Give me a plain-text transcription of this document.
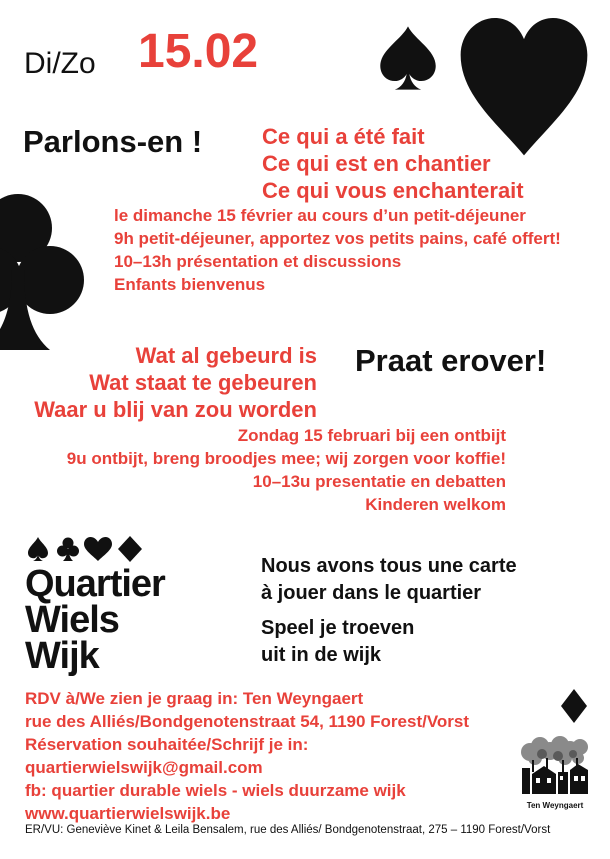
Di/Zo 15.02
Parlons-en !	Ce qui a été fait
Ce qui est en chantier
Ce qui vous enchanterait
le dimanche 15 février au cours d’un petit-déjeuner
9h petit-déjeuner, apportez vos petits pains, café offert!
10–13h présentation et discussions
Enfants bienvenus
Wat al gebeurd is
Wat staat te gebeuren
Waar u blij van zou worden
Praat erover!
Zondag 15 februari bij een ontbijt
9u ontbijt, breng broodjes mee; wij zorgen voor koffie!
10–13u presentatie en debatten
Kinderen welkom
Quartier
Wiels
Wijk
Nous avons tous une carte
à jouer dans le quartier
Speel je troeven
uit in de wijk
RDV à/We zien je graag in: Ten Weyngaert
rue des Alliés/Bondgenotenstraat 54, 1190 Forest/Vorst
Réservation souhaitée/Schrijf je in:
quartierwielswijk@gmail.com
fb: quartier durable wiels - wiels duurzame wijk
www.quartierwielswijk.be	Ten Weyngaert
ER/VU: Geneviève Kinet & Leila Bensalem, rue des Alliés/ Bondgenotenstraat, 275 – 1190 Forest/Vorst
